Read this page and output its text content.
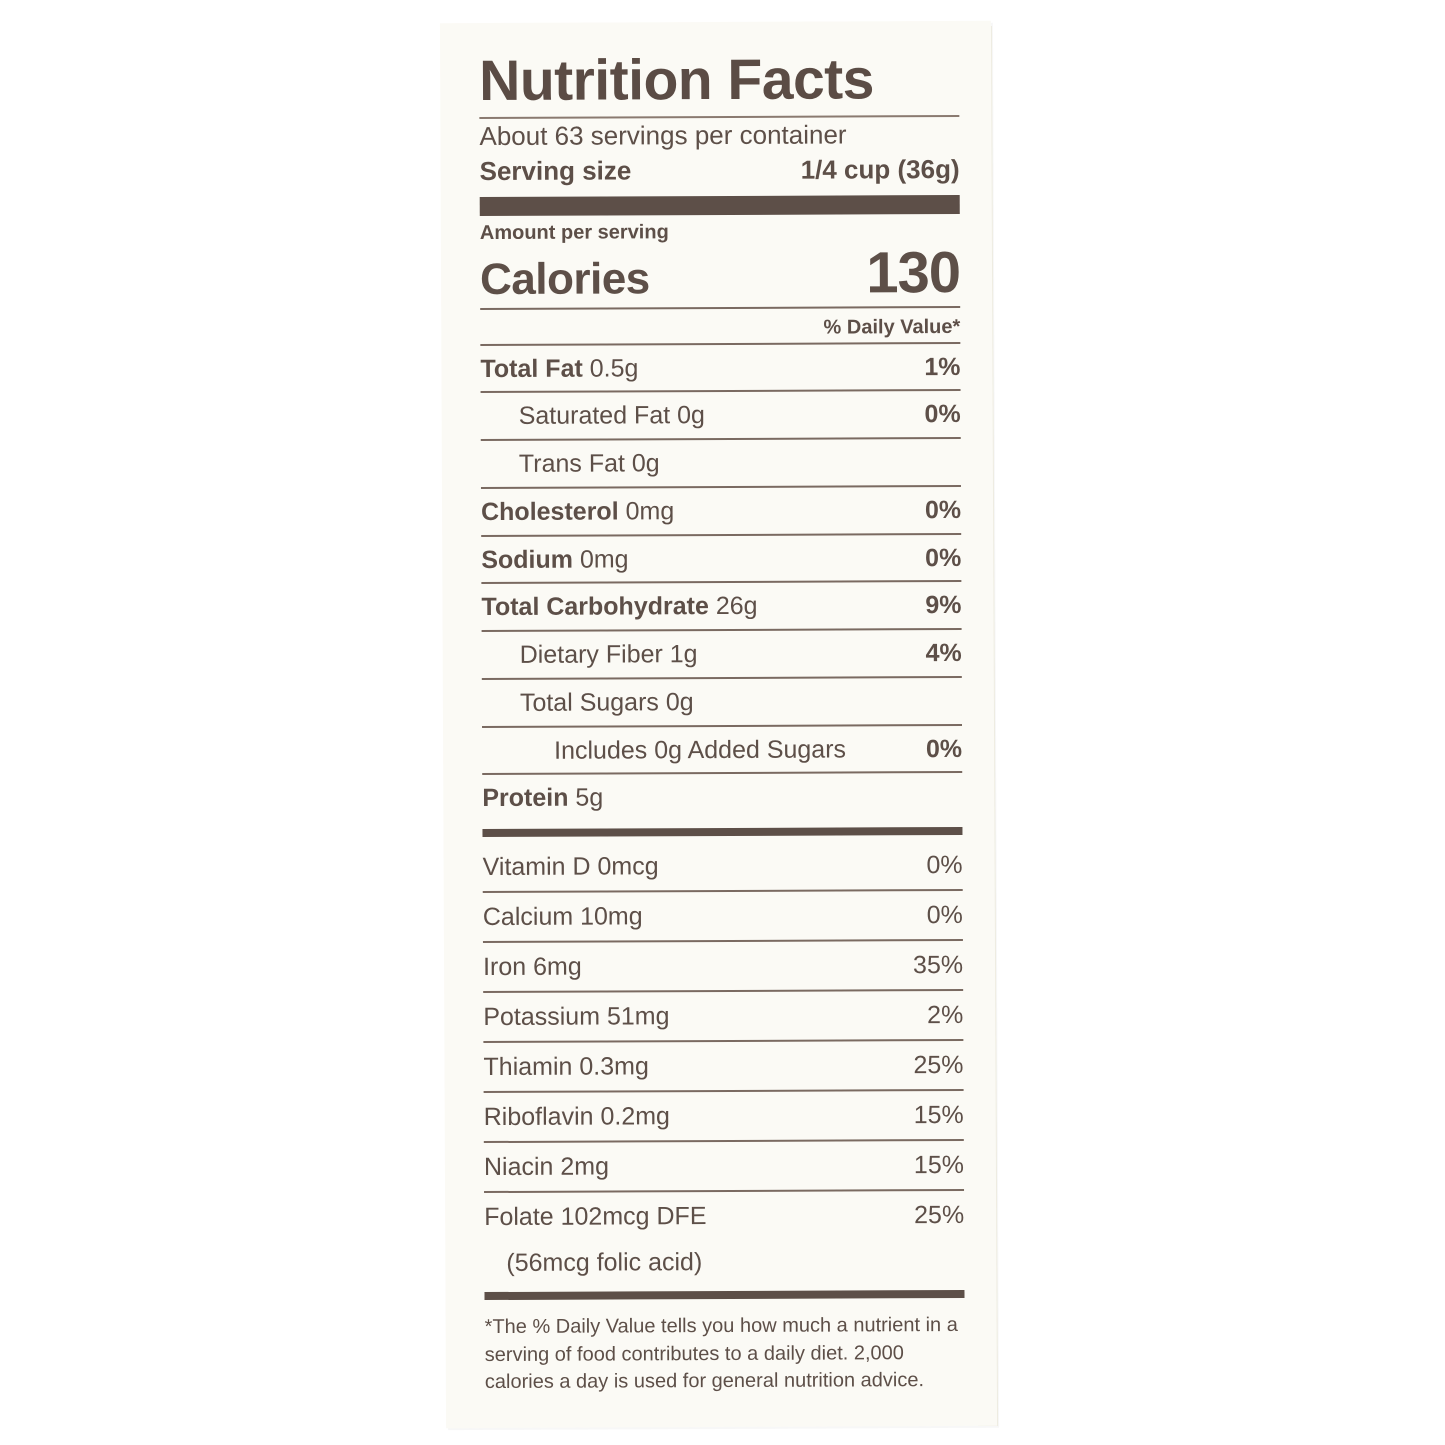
Nutrition Facts
About 63 servings per container
Serving size	1/4 cup (36g)
Amount per serving
Calories	130
% Daily Value*
Total Fat 0.5g	1%
Saturated Fat 0g	0%
Trans Fat 0g
Cholesterol 0mg	0%
Sodium 0mg	0%
Total Carbohydrate 26g	9%
Dietary Fiber 1g	4%
Total Sugars 0g
Includes 0g Added Sugars	0%
Protein 5g
Vitamin D 0mcg	0%
Calcium 10mg	0%
Iron 6mg	35%
Potassium 51mg	2%
Thiamin 0.3mg	25%
Riboflavin 0.2mg	15%
Niacin 2mg	15%
Folate 102mcg DFE	25%
(56mcg folic acid)
*The % Daily Value tells you how much a nutrient in a serving of food contributes to a daily diet. 2,000 calories a day is used for general nutrition advice.
